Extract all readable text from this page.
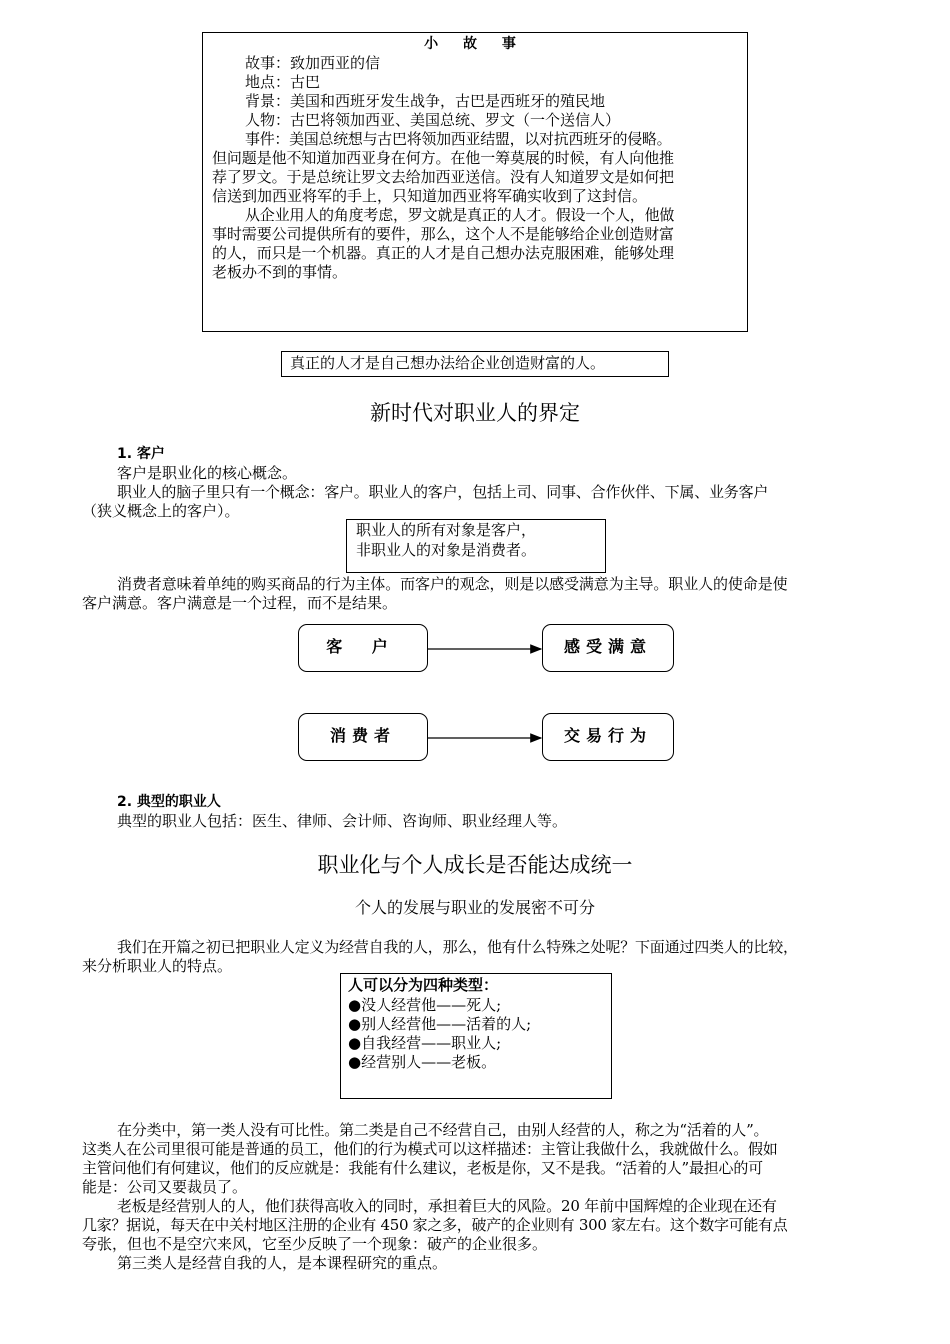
小 故 事
故事：致加西亚的信
地点：古巴
背景：美国和西班牙发生战争，古巴是西班牙的殖民地
人物：古巴将领加西亚、美国总统、罗文（一个送信人）
事件：美国总统想与古巴将领加西亚结盟，以对抗西班牙的侵略。
但问题是他不知道加西亚身在何方。在他一筹莫展的时候，有人向他推
荐了罗文。于是总统让罗文去给加西亚送信。没有人知道罗文是如何把
信送到加西亚将军的手上，只知道加西亚将军确实收到了这封信。
从企业用人的角度考虑，罗文就是真正的人才。假设一个人，他做
事时需要公司提供所有的要件，那么，这个人不是能够给企业创造财富
的人，而只是一个机器。真正的人才是自己想办法克服困难，能够处理
老板办不到的事情。
真正的人才是自己想办法给企业创造财富的人。
新时代对职业人的界定
1. 客户
客户是职业化的核心概念。
职业人的脑子里只有一个概念：客户。职业人的客户，包括上司、同事、合作伙伴、下属、业务客户
（狭义概念上的客户）。
职业人的所有对象是客户，
非职业人的对象是消费者。
消费者意味着单纯的购买商品的行为主体。而客户的观念，则是以感受满意为主导。职业人的使命是使
客户满意。客户满意是一个过程，而不是结果。
客 户	感受满意
消费者	交易行为
2. 典型的职业人
典型的职业人包括：医生、律师、会计师、咨询师、职业经理人等。
职业化与个人成长是否能达成统一
个人的发展与职业的发展密不可分
我们在开篇之初已把职业人定义为经营自我的人，那么，他有什么特殊之处呢？下面通过四类人的比较，
来分析职业人的特点。
人可以分为四种类型：
●没人经营他——死人;
●别人经营他——活着的人;
●自我经营——职业人;
●经营别人——老板。
在分类中，第一类人没有可比性。第二类是自己不经营自己，由别人经营的人，称之为“活着的人”。
这类人在公司里很可能是普通的员工，他们的行为模式可以这样描述：主管让我做什么，我就做什么。假如
主管问他们有何建议，他们的反应就是：我能有什么建议，老板是你，又不是我。“活着的人”最担心的可
能是：公司又要裁员了。
老板是经营别人的人，他们获得高收入的同时，承担着巨大的风险。20 年前中国辉煌的企业现在还有
几家？据说，每天在中关村地区注册的企业有 450 家之多，破产的企业则有 300 家左右。这个数字可能有点
夸张，但也不是空穴来风，它至少反映了一个现象：破产的企业很多。
第三类人是经营自我的人，是本课程研究的重点。
